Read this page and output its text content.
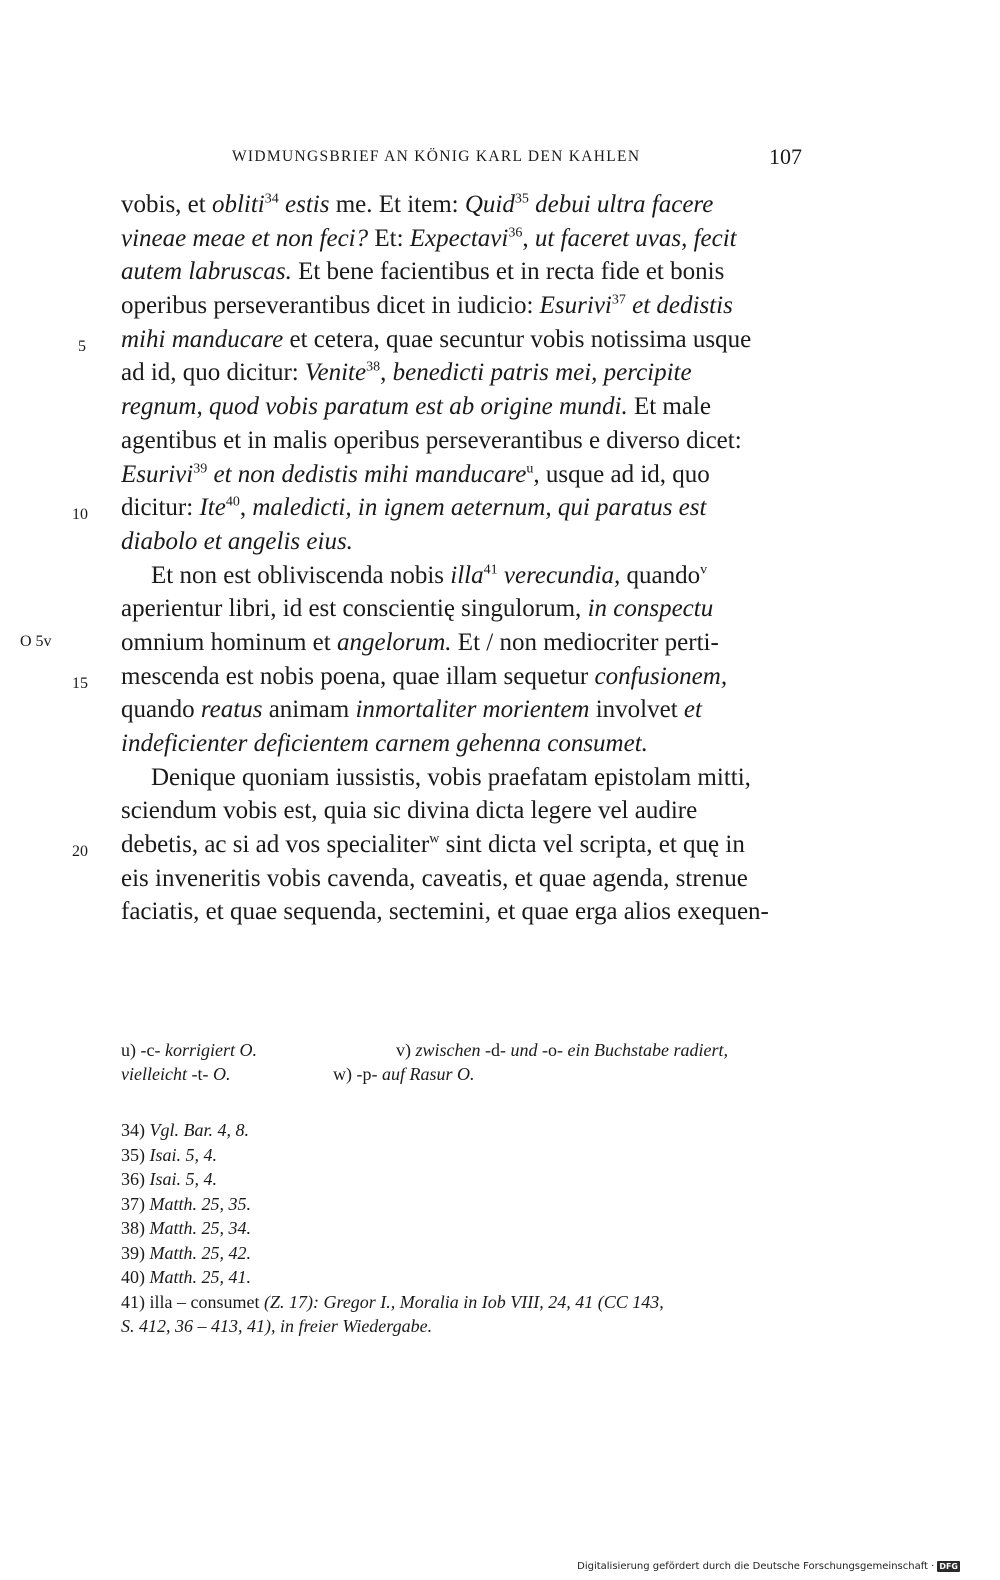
WIDMUNGSBRIEF AN KÖNIG KARL DEN KAHLEN	107
5
10
O 5v
15
20
vobis, et obliti$^{34}$ estis me. Et item: Quid$^{35}$ debui ultra facere
vineae meae et non feci? Et: Expectavi$^{36}$, ut faceret uvas, fecit
autem labruscas. Et bene facientibus et in recta fide et bonis
operibus perseverantibus dicet in iudicio: Esurivi$^{37}$ et dedistis
mihi manducare et cetera, quae secuntur vobis notissima usque
ad id, quo dicitur: Venite$^{38}$, benedicti patris mei, percipite
regnum, quod vobis paratum est ab origine mundi. Et male
agentibus et in malis operibus perseverantibus e diverso dicet:
Esurivi$^{39}$ et non dedistis mihi manducare$^u$, usque ad id, quo
dicitur: Ite$^{40}$, maledicti, in ignem aeternum, qui paratus est
diabolo et angelis eius.
Et non est obliviscenda nobis illa$^{41}$ verecundia, quando$^v$
aperientur libri, id est conscientię singulorum, in conspectu
omnium hominum et angelorum. Et / non mediocriter perti-
mescenda est nobis poena, quae illam sequetur confusionem,
quando reatus animam inmortaliter morientem involvet et
indeficienter deficientem carnem gehenna consumet.
Denique quoniam iussistis, vobis praefatam epistolam mitti,
sciendum vobis est, quia sic divina dicta legere vel audire
debetis, ac si ad vos specialiter$^w$ sint dicta vel scripta, et quę in
eis inveneritis vobis cavenda, caveatis, et quae agenda, strenue
faciatis, et quae sequenda, sectemini, et quae erga alios exequen-
u) -c- korrigiert O.	v) zwischen -d- und -o- ein Buchstabe radiert,
vielleicht -t- O.	w) -p- auf Rasur O.
34) Vgl. Bar. 4, 8.
35) Isai. 5, 4.
36) Isai. 5, 4.
37) Matth. 25, 35.
38) Matth. 25, 34.
39) Matth. 25, 42.
40) Matth. 25, 41.
41) illa – consumet (Z. 17): Gregor I., Moralia in Iob VIII, 24, 41 (CC 143,
S. 412, 36 – 413, 41), in freier Wiedergabe.
Digitalisierung gefördert durch die Deutsche Forschungsgemeinschaft · DFG
